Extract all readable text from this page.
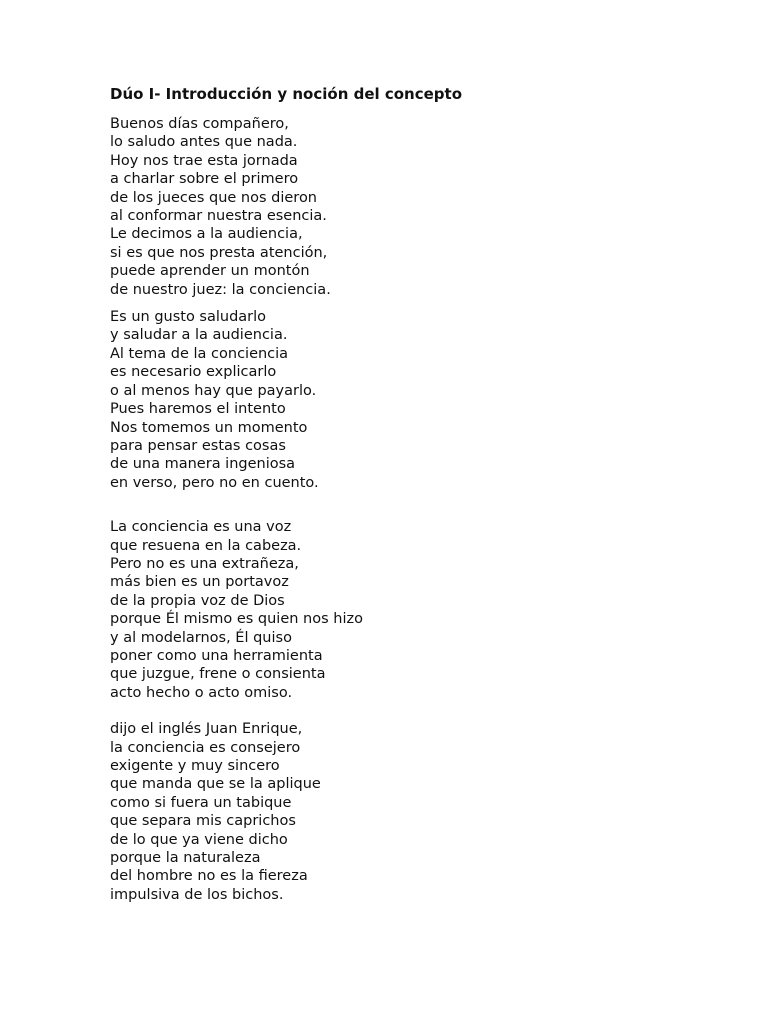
Dúo I- Introducción y noción del concepto
Buenos días compañero,
lo saludo antes que nada.
Hoy nos trae esta jornada
a charlar sobre el primero
de los jueces que nos dieron
al conformar nuestra esencia.
Le decimos a la audiencia,
si es que nos presta atención,
puede aprender un montón
de nuestro juez: la conciencia.
Es un gusto saludarlo
y saludar a la audiencia.
Al tema de la conciencia
es necesario explicarlo
o al menos hay que payarlo.
Pues haremos el intento
Nos tomemos un momento
para pensar estas cosas
de una manera ingeniosa
en verso, pero no en cuento.
La conciencia es una voz
que resuena en la cabeza.
Pero no es una extrañeza,
más bien es un portavoz
de la propia voz de Dios
porque Él mismo es quien nos hizo
y al modelarnos, Él quiso
poner como una herramienta
que juzgue, frene o consienta
acto hecho o acto omiso.
dijo el inglés Juan Enrique,
la conciencia es consejero
exigente y muy sincero
que manda que se la aplique
como si fuera un tabique
que separa mis caprichos
de lo que ya viene dicho
porque la naturaleza
del hombre no es la fiereza
impulsiva de los bichos.
